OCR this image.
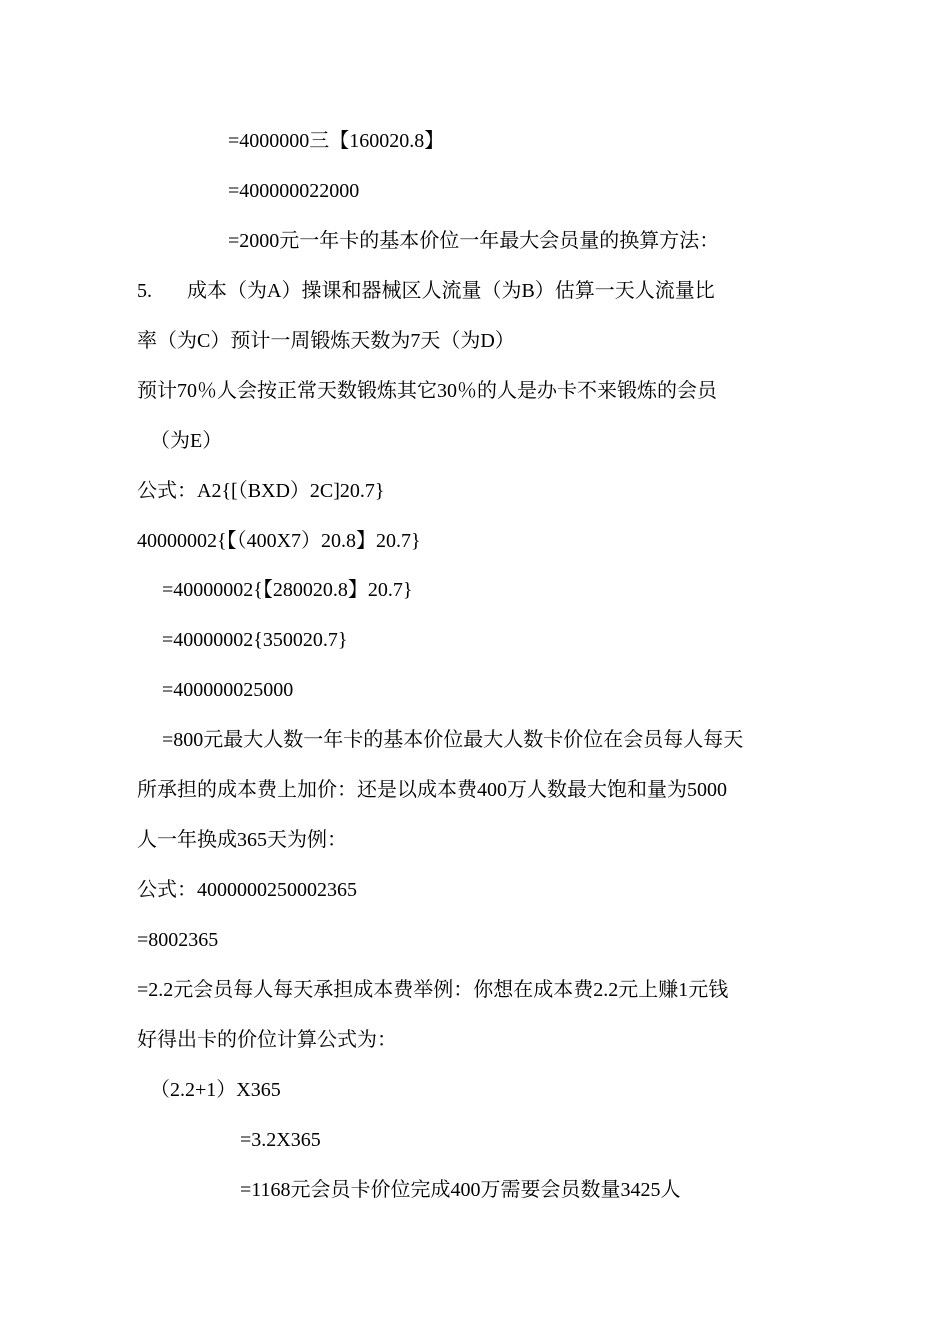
=4000000三【160020.8】
=400000022000
=2000元一年卡的基本价位一年最大会员量的换算方法：
5. 成本（为A）操课和器械区人流量（为B）估算一天人流量比
率（为C）预计一周锻炼天数为7天（为D）
预计70％人会按正常天数锻炼其它30％的人是办卡不来锻炼的会员
（为E）
公式：A2{[（BXD）2C]20.7}
40000002{【（400X7）20.8】20.7}
=40000002{【280020.8】20.7}
=40000002{350020.7}
=400000025000
=800元最大人数一年卡的基本价位最大人数卡价位在会员每人每天
所承担的成本费上加价：还是以成本费400万人数最大饱和量为5000
人一年换成365天为例：
公式：4000000250002365
=8002365
=2.2元会员每人每天承担成本费举例：你想在成本费2.2元上赚1元钱
好得出卡的价位计算公式为：
（2.2+1）X365
=3.2X365
=1168元会员卡价位完成400万需要会员数量3425人
